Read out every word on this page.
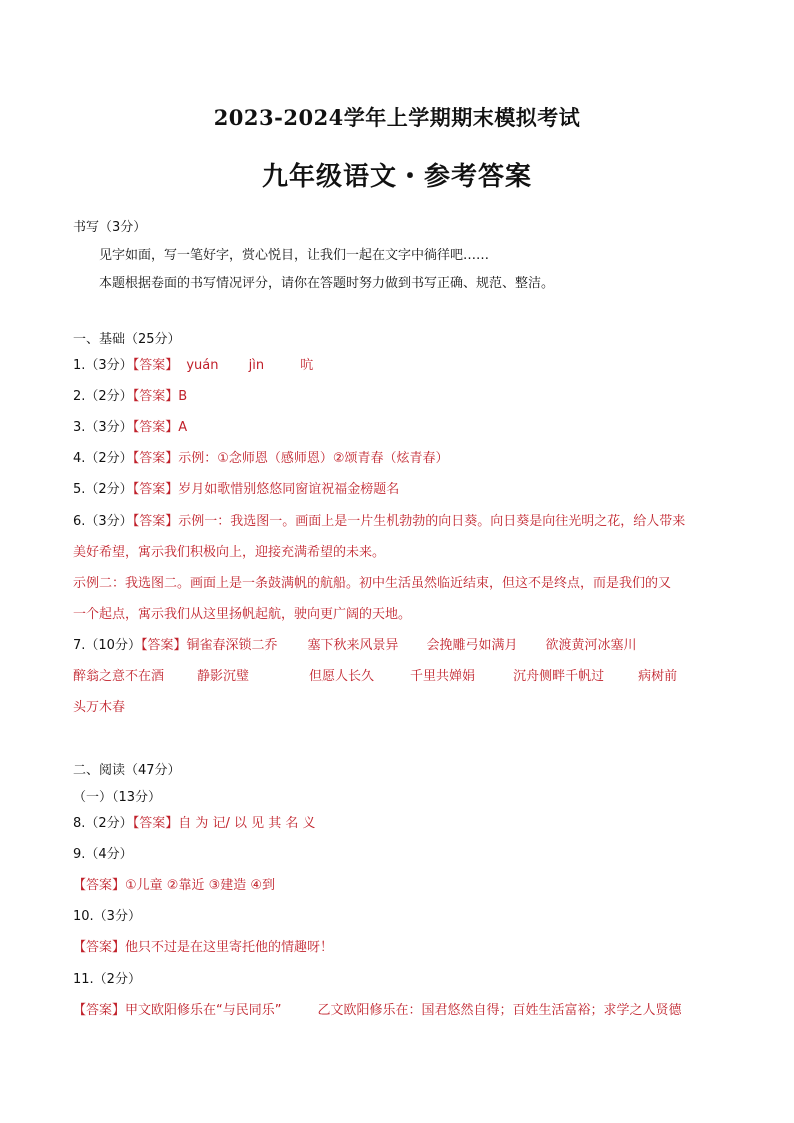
2023-2024学年上学期期末模拟考试
九年级语文・参考答案
书写（3分）
见字如面，写一笔好字，赏心悦目，让我们一起在文字中徜徉吧……
本题根据卷面的书写情况评分，请你在答题时努力做到书写正确、规范、整洁。
一、基础（25分）
1.（3分）【答案】 yuán jìn	吭
2.（2分）【答案】B
3.（3分）【答案】A
4.（2分）【答案】示例：①念师恩（感师恩）②颂青春（炫青春）
5.（2分）【答案】岁月如歌惜别悠悠同窗谊祝福金榜题名
6.（3分）【答案】示例一：我选图一。画面上是一片生机勃勃的向日葵。向日葵是向往光明之花，给人带来
美好希望，寓示我们积极向上，迎接充满希望的未来。
示例二：我选图二。画面上是一条鼓满帆的航船。初中生活虽然临近结束，但这不是终点，而是我们的又
一个起点，寓示我们从这里扬帆起航，驶向更广阔的天地。
7.（10分）【答案】铜雀春深锁二乔 塞下秋来风景异 会挽雕弓如满月 欲渡黄河冰塞川
醉翁之意不在酒	静影沉璧	但愿人长久	千里共婵娟	沉舟侧畔千帆过	病树前
头万木春
二、阅读（47分）
（一）（13分）
8.（2分）【答案】自 为 记/ 以 见 其 名 义
9.（4分）
【答案】①儿童 ②靠近 ③建造 ④到
10.（3分）
【答案】他只不过是在这里寄托他的情趣呀！
11.（2分）
【答案】甲文欧阳修乐在“与民同乐”	乙文欧阳修乐在：国君悠然自得；百姓生活富裕；求学之人贤德
